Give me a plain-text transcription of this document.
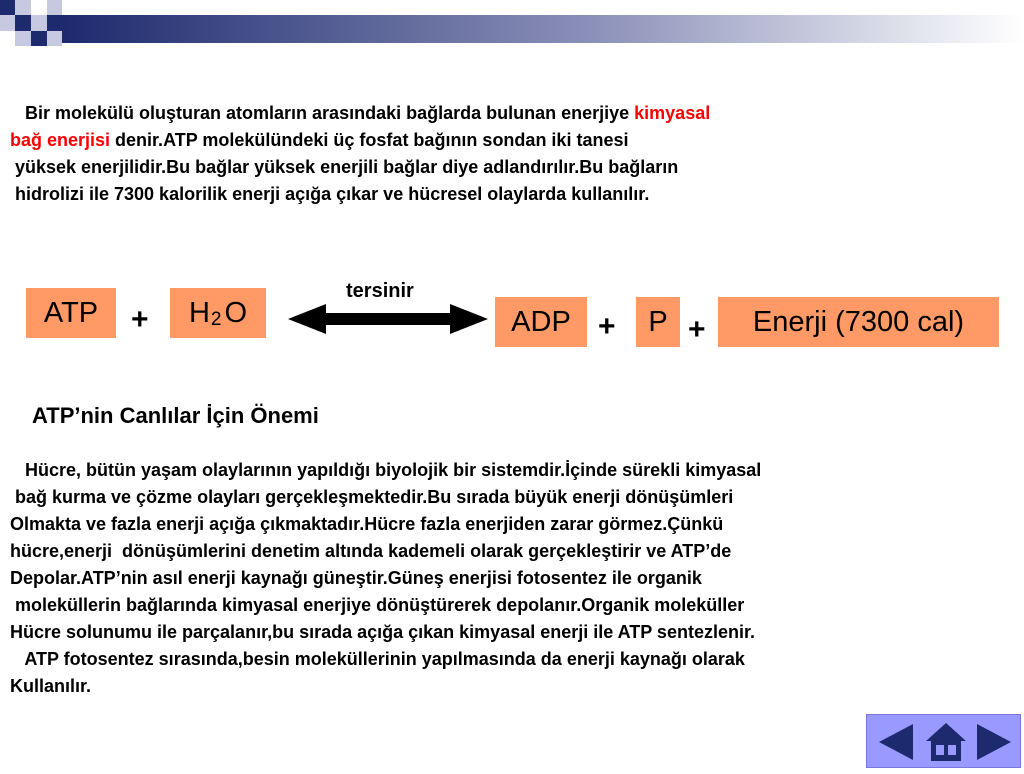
Bir molekülü oluşturan atomların arasındaki bağlarda bulunan enerjiye kimyasal
bağ enerjisi denir.ATP molekülündeki üç fosfat bağının sondan iki tanesi
yüksek enerjilidir.Bu bağlar yüksek enerjili bağlar diye adlandırılır.Bu bağların
hidrolizi ile 7300 kalorilik enerji açığa çıkar ve hücresel olaylarda kullanılır.
ATP	+ H 2 O
tersinir
ADP +	P +	Enerji (7300 cal)
ATP’nin Canlılar İçin Önemi
Hücre, bütün yaşam olaylarının yapıldığı biyolojik bir sistemdir.İçinde sürekli kimyasal
bağ kurma ve çözme olayları gerçekleşmektedir.Bu sırada büyük enerji dönüşümleri
Olmakta ve fazla enerji açığa çıkmaktadır.Hücre fazla enerjiden zarar görmez.Çünkü
hücre,enerji  dönüşümlerini denetim altında kademeli olarak gerçekleştirir ve ATP’de
Depolar.ATP’nin asıl enerji kaynağı güneştir.Güneş enerjisi fotosentez ile organik
moleküllerin bağlarında kimyasal enerjiye dönüştürerek depolanır.Organik moleküller
Hücre solunumu ile parçalanır,bu sırada açığa çıkan kimyasal enerji ile ATP sentezlenir.
ATP fotosentez sırasında,besin moleküllerinin yapılmasında da enerji kaynağı olarak
Kullanılır.
